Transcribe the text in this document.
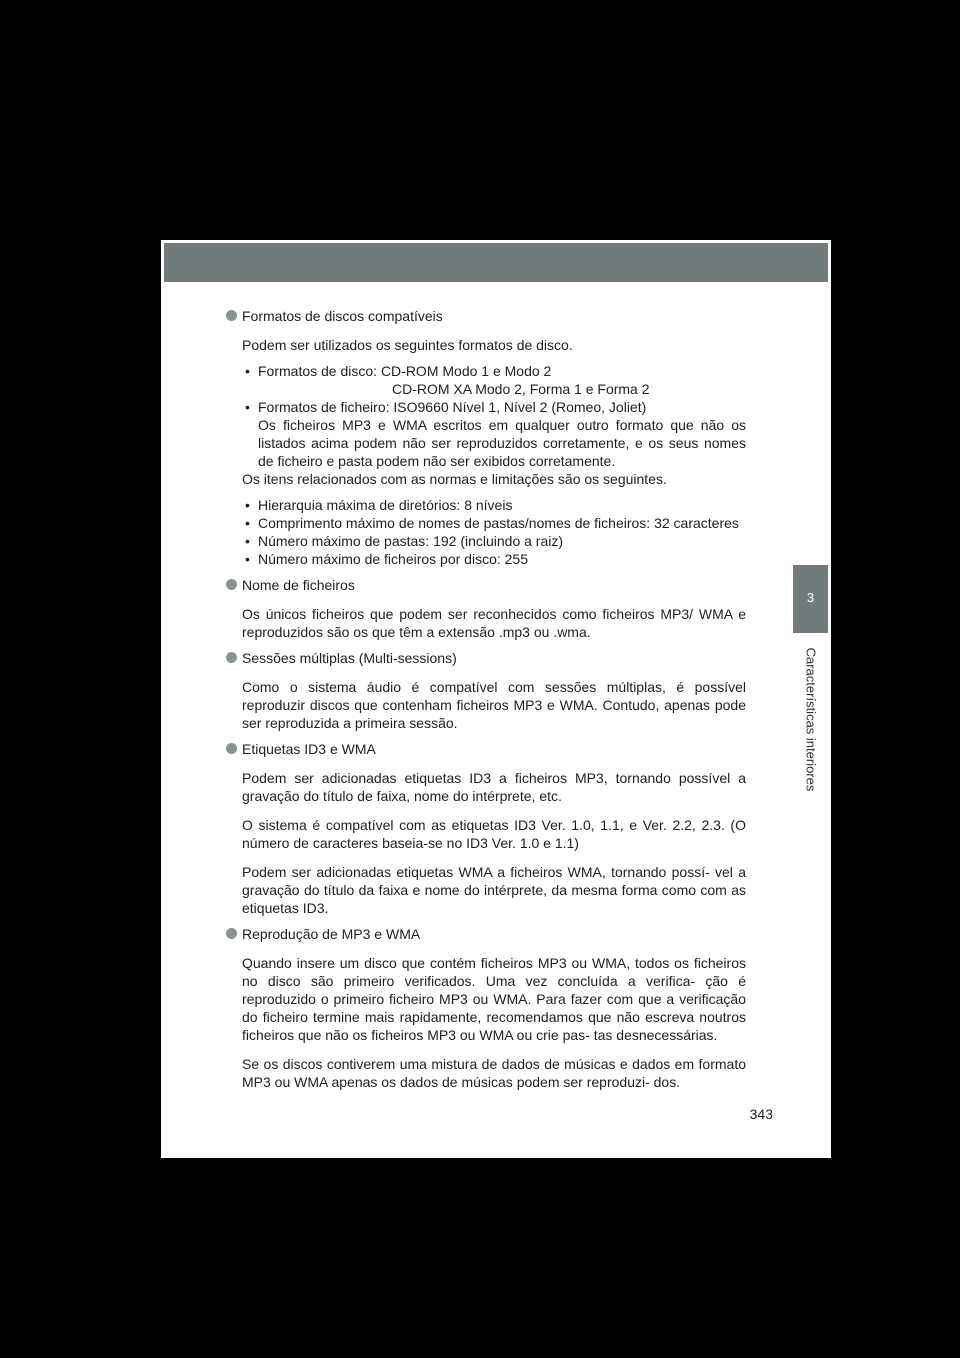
3
Características interiores

Formatos de discos compatíveis

Podem ser utilizados os seguintes formatos de disco.

• Formatos de disco: CD-ROM Modo 1 e Modo 2
CD-ROM XA Modo 2, Forma 1 e Forma 2
• Formatos de ficheiro: ISO9660 Nível 1, Nível 2 (Romeo, Joliet)
Os ficheiros MP3 e WMA escritos em qualquer outro formato que não os listados acima podem não ser reproduzidos corretamente, e os seus nomes de ficheiro e pasta podem não ser exibidos corretamente.

Os itens relacionados com as normas e limitações são os seguintes.

• Hierarquia máxima de diretórios: 8 níveis
• Comprimento máximo de nomes de pastas/nomes de ficheiros: 32 caracteres
• Número máximo de pastas: 192 (incluindo a raiz)
• Número máximo de ficheiros por disco: 255

Nome de ficheiros

Os únicos ficheiros que podem ser reconhecidos como ficheiros MP3/ WMA e reproduzidos são os que têm a extensão .mp3 ou .wma.

Sessões múltiplas (Multi-sessions)

Como o sistema áudio é compatível com sessões múltiplas, é possível reproduzir discos que contenham ficheiros MP3 e WMA. Contudo, apenas pode ser reproduzida a primeira sessão.

Etiquetas ID3 e WMA

Podem ser adicionadas etiquetas ID3 a ficheiros MP3, tornando possível a gravação do título de faixa, nome do intérprete, etc.

O sistema é compatível com as etiquetas ID3 Ver. 1.0, 1.1, e Ver. 2.2, 2.3. (O número de caracteres baseia-se no ID3 Ver. 1.0 e 1.1)

Podem ser adicionadas etiquetas WMA a ficheiros WMA, tornando possí- vel a gravação do título da faixa e nome do intérprete, da mesma forma como com as etiquetas ID3.

Reprodução de MP3 e WMA

Quando insere um disco que contém ficheiros MP3 ou WMA, todos os ficheiros no disco são primeiro verificados. Uma vez concluída a verifica- ção é reproduzido o primeiro ficheiro MP3 ou WMA. Para fazer com que a verificação do ficheiro termine mais rapidamente, recomendamos que não escreva noutros ficheiros que não os ficheiros MP3 ou WMA ou crie pas- tas desnecessárias.

Se os discos contiverem uma mistura de dados de músicas e dados em formato MP3 ou WMA apenas os dados de músicas podem ser reproduzi- dos.

343
